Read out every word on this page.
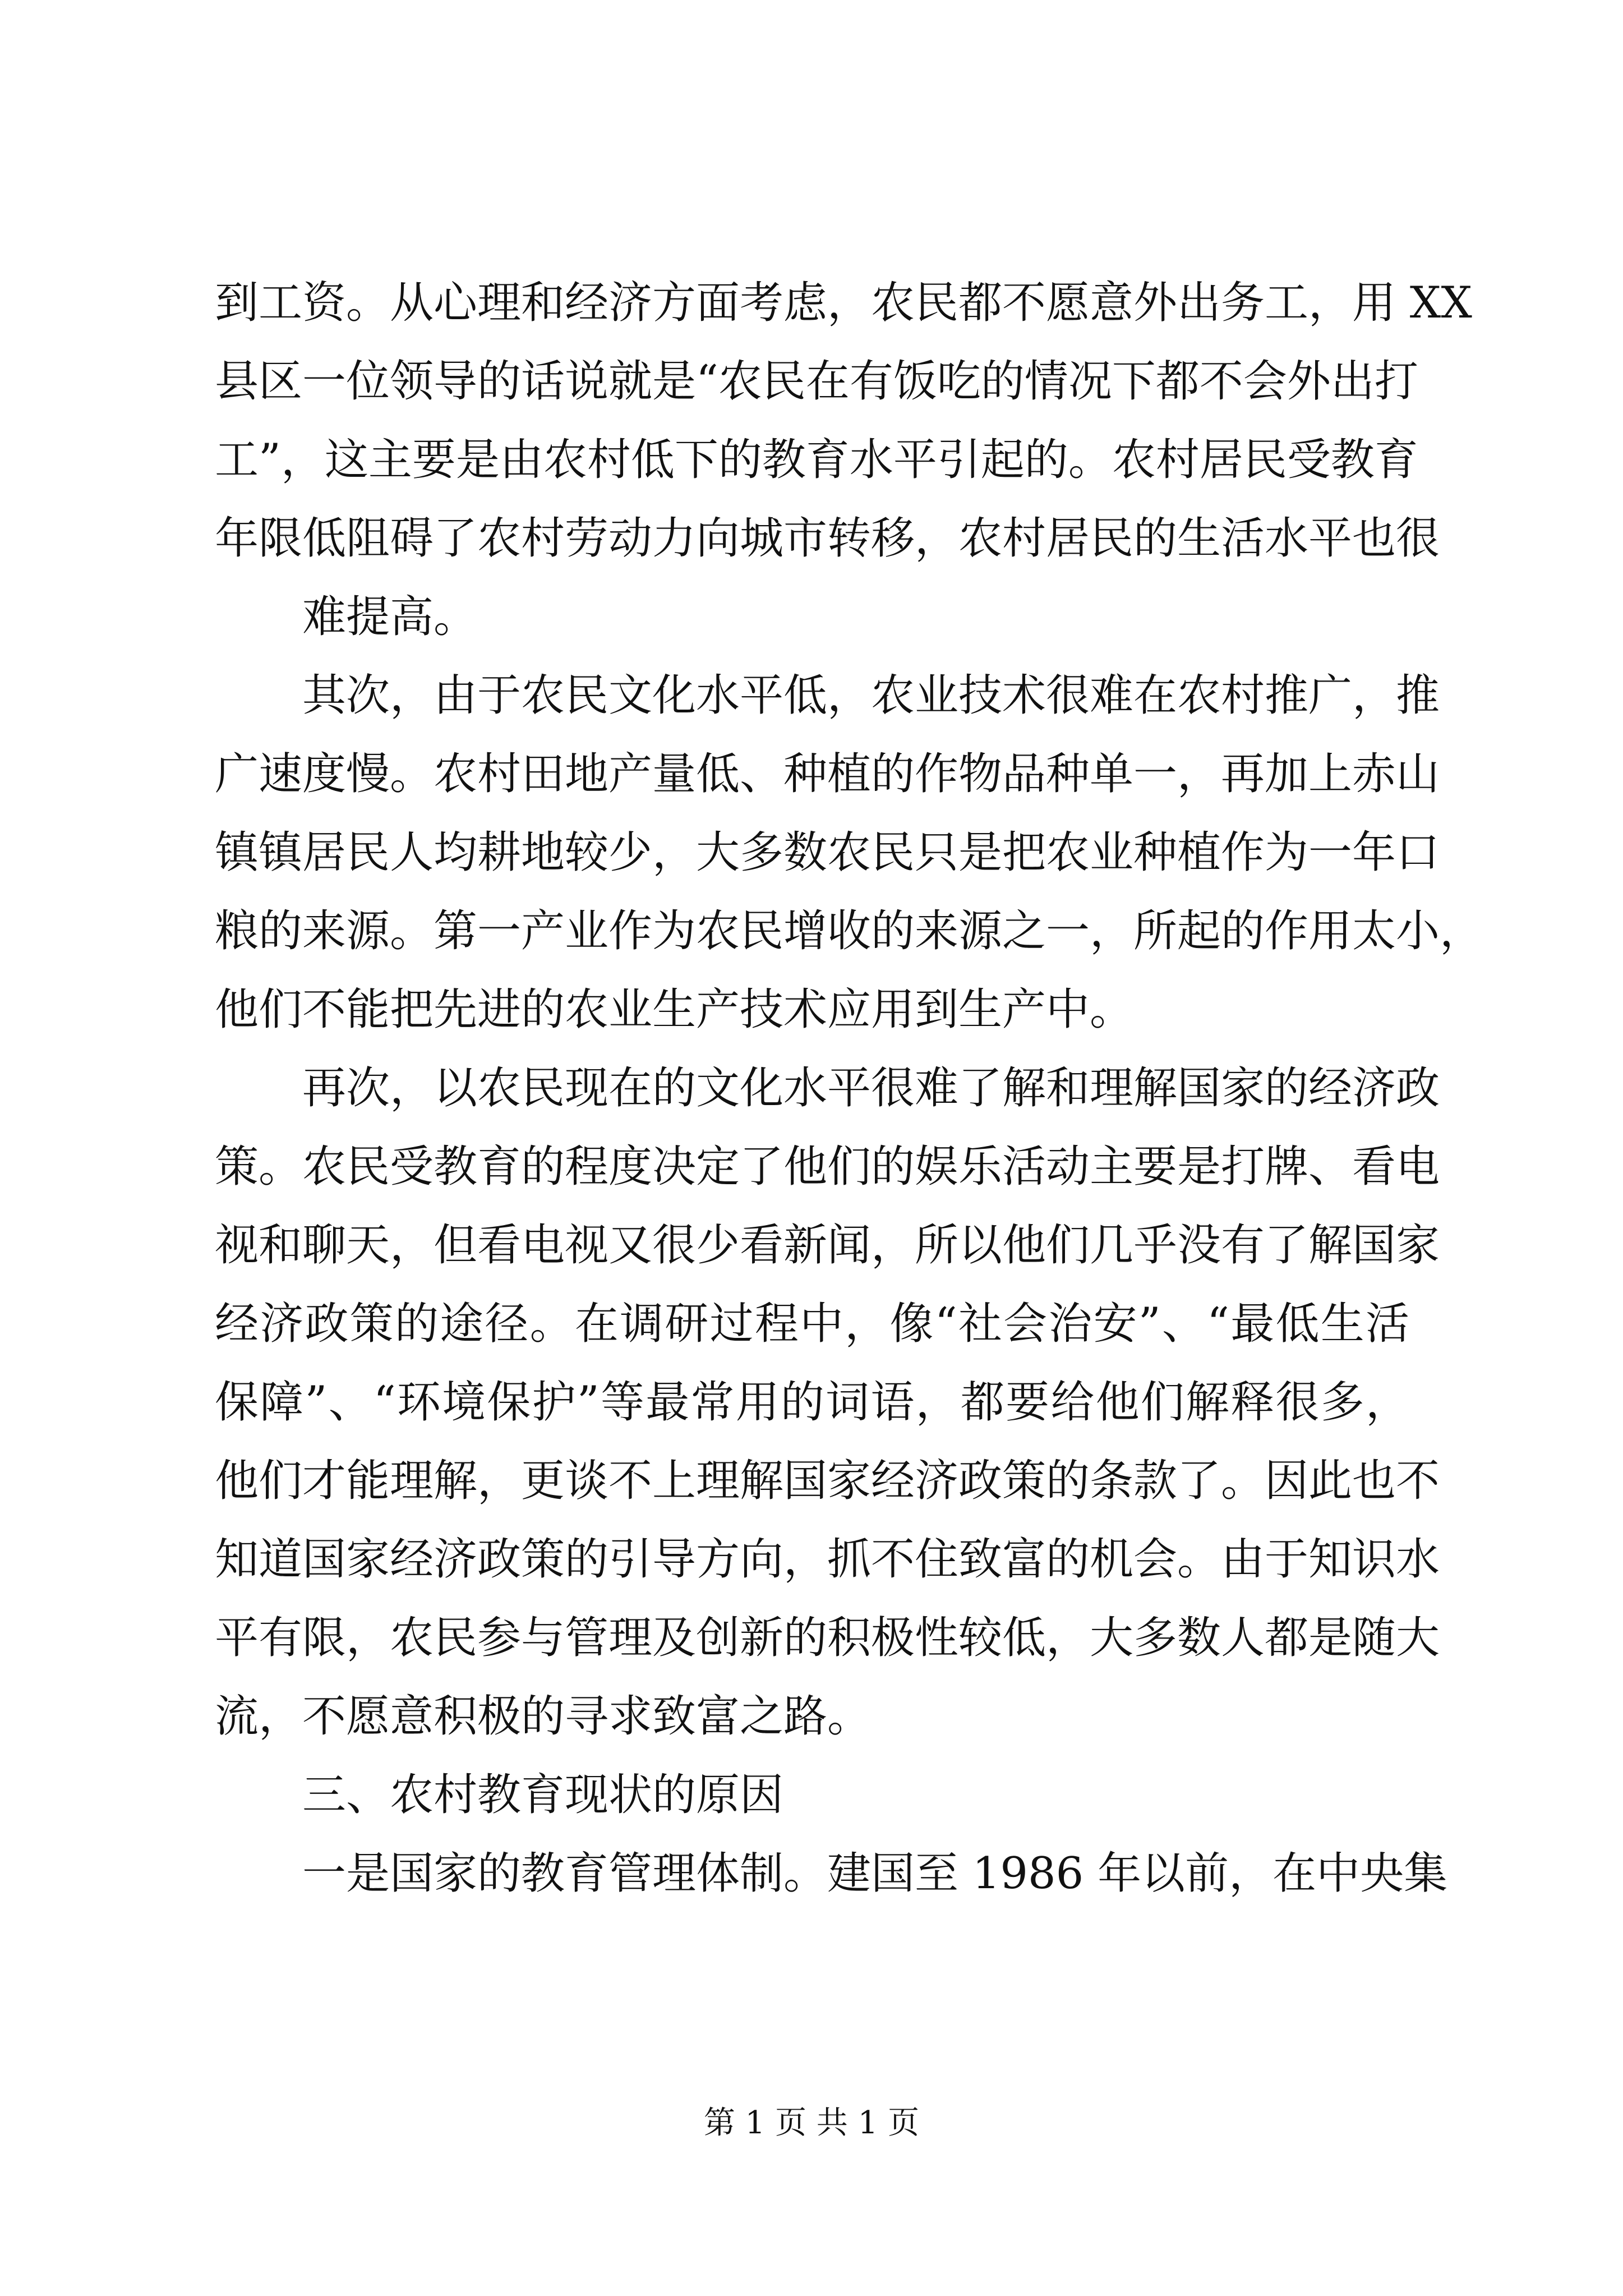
到工资。从心理和经济方面考虑，农民都不愿意外出务工，用 XX
县区一位领导的话说就是“农民在有饭吃的情况下都不会外出打
工”，这主要是由农村低下的教育水平引起的。农村居民受教育
年限低阻碍了农村劳动力向城市转移，农村居民的生活水平也很
难提高。
其次，由于农民文化水平低，农业技术很难在农村推广，推
广速度慢。农村田地产量低、种植的作物品种单一，再加上赤山
镇镇居民人均耕地较少，大多数农民只是把农业种植作为一年口
粮的来源。第一产业作为农民增收的来源之一，所起的作用太小，
他们不能把先进的农业生产技术应用到生产中。
再次，以农民现在的文化水平很难了解和理解国家的经济政
策。农民受教育的程度决定了他们的娱乐活动主要是打牌、看电
视和聊天，但看电视又很少看新闻，所以他们几乎没有了解国家
经济政策的途径。在调研过程中，像“社会治安”、“最低生活
保障”、“环境保护”等最常用的词语，都要给他们解释很多，
他们才能理解，更谈不上理解国家经济政策的条款了。因此也不
知道国家经济政策的引导方向，抓不住致富的机会。由于知识水
平有限，农民参与管理及创新的积极性较低，大多数人都是随大
流，不愿意积极的寻求致富之路。
三、农村教育现状的原因
一是国家的教育管理体制。建国至 1986 年以前，在中央集
第 1 页 共 1 页
